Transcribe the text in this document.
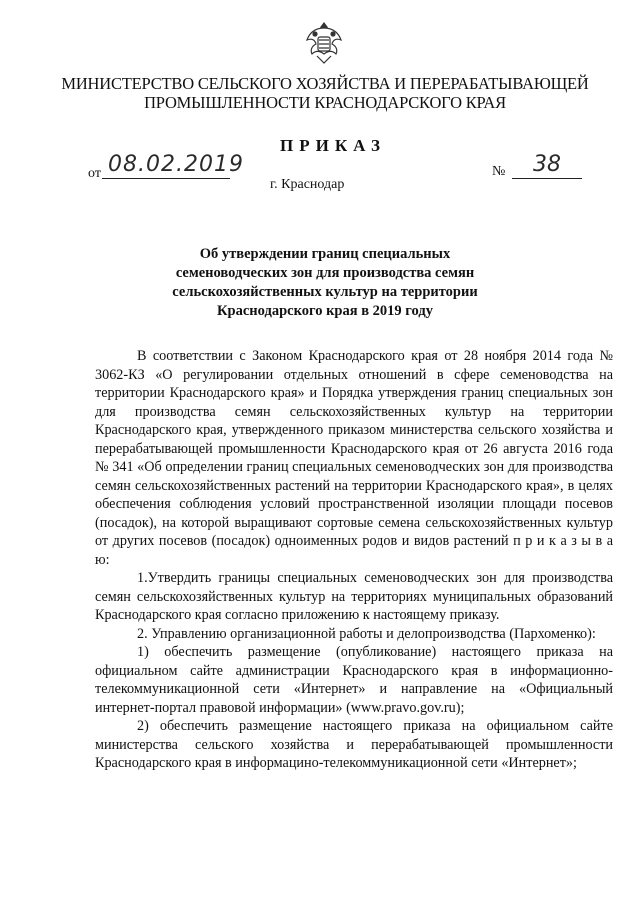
МИНИСТЕРСТВО СЕЛЬСКОГО ХОЗЯЙСТВА И ПЕРЕРАБАТЫВАЮЩЕЙ
ПРОМЫШЛЕННОСТИ КРАСНОДАРСКОГО КРАЯ
ПРИКАЗ
от 08.02.2019	№	38
г. Краснодар
Об утверждении границ специальных
семеноводческих зон для производства семян
сельскохозяйственных культур на территории
Краснодарского края в 2019 году

В соответствии с Законом Краснодарского края от 28 ноября 2014 года № 3062-КЗ «О регулировании отдельных отношений в сфере семеноводства на территории Краснодарского края» и Порядка утверждения границ специальных зон для производства семян сельскохозяйственных культур на территории Краснодарского края, утвержденного приказом министерства сельского хозяйства и перерабатывающей промышленности Краснодарского края от 26 августа 2016 года № 341 «Об определении границ специальных семеноводческих зон для производства семян сельскохозяйственных растений на территории Краснодарского края», в целях обеспечения соблюдения условий пространственной изоляции площади посевов (посадок), на которой выращивают сортовые семена сельскохозяйственных культур от других посевов (посадок) одноименных родов и видов растений п р и к а з ы в а ю:

1.Утвердить границы специальных семеноводческих зон для производства семян сельскохозяйственных культур на территориях муниципальных образований Краснодарского края согласно приложению к настоящему приказу.

2. Управлению организационной работы и делопроизводства (Пархоменко):

1) обеспечить размещение (опубликование) настоящего приказа на официальном сайте администрации Краснодарского края в информационно-телекоммуникационной сети «Интернет» и направление на «Официальный интернет-портал правовой информации» (www.pravo.gov.ru);

2) обеспечить размещение настоящего приказа на официальном сайте министерства сельского хозяйства и перерабатывающей промышленности Краснодарского края в информацино-телекоммуникационной сети «Интернет»;
